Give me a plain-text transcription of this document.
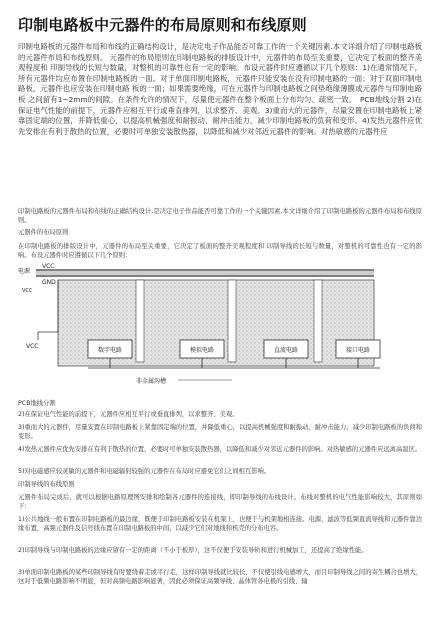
印制电路板中元器件的布局原则和布线原则
印制电路板的元器件布局和布线的正确结构设计，是决定电子作品能否可靠工作的一个关键因素.本文详细介绍了印制电路板的元器件布局和布线原则。 元器件的布局原则在印制电路板的排版设计中，元器件的布局至关重要，它决定了板面的整齐美观程度和 印制导线的长短与数量，对整机的可靠性也有一定的影响。布设元器件时应遵循以下几个原则：1)在通常情况下，所有元器件均应布置在印制电路板的一面。对于单面印制电路板，元器件只能安装在没有印制电路的一面；对于双面印制电路板，元器件也应安装在印制电路 板的一面；如果需要绝缘，可在元器件与印制电路板之间垫绝缘薄膜或元器件与印制电路板 之间留有1~2mm的间隙。在条件允许的情况下，尽量使元器件在整个板面上分布均匀、疏密一致。　PCB地线分割 2)在保证电气性能的前提下，元器件应相互平行或垂直排列，以求整齐、美观。3)重而大的元器件，尽量安置在印制电路板上紧靠固定端的位置，并降低重心，以提高机械强度和耐振动、耐冲击能力，减少印制电路板的负荷和变形。4)发热元器件应优先安排在有利于散热的位置，必要时可单独安装散热器，以降低和减少对邻近元器件的影响。对热敏感的元器件应
印制电路板的元器件布局和布线的正确结构设计,是决定电子作品能否可靠工作的一个关键因素.本文详细介绍了印制电路板的元器件布局和布线原则。
元器件的布局原则
在印制电路板的排版设计中，元器件的布局至关重要，它决定了板面的整齐美观程度和 印制导线的长短与数量，对整机的可靠性也有一定的影响。布设元器件时应遵循以下几个原则：
VCC
电源
GND
VCC
VCC
数字电路	模拟电路	直流电路	接口电路
非金属沟槽
PCB地线分割
2)在保证电气性能的前提下，元器件应相互平行或垂直排列，以求整齐、美观。
3)重而大的元器件，尽量安置在印制电路板上紧靠固定端的位置，并降低重心，以提高机械强度和耐振动、耐冲击能力，减少印制电路板的负荷和变形。
4)发热元器件应优先安排在有利于散热的位置，必要时可单独安装散热器，以降低和减少对邻近元器件的影响。对热敏感的元器件应远离高温区。
5)对电磁感应较灵敏的元器件和电磁辐射较强的元器件在布局时应避免它们之间相互影响。
印制导线的布线原则
元器件布局完成后，就可以根据电路原理图安排和绘制各元器件的连接线，即印制导线的布线设计。布线对整机的电气性能影响较大，其原则如下：
1)公共地线一般布置在印制电路板的最边缘，既便于印制电路板安装在机架上，也便于与机架地相连接。电源、滤波等低频直流导线和元器件靠边缘布置，高频元器件及信号线布置在印制电路板的中间，以减少它们对地线和机壳的分布电容。
2)印制导线与印制电路板的边缘应留有一定的距离（不小于板厚），这不仅便于安装导轨和进行机械加工，还提高了绝缘性能。
3)单面印制电路板的某些印制导线有时要绕着走或平行走，这样印制导线就比较长，不仅使引线电感增大，而且印制导线之间的寄生耦合也增大，这对于低频电路影响不明显，但对高频电路影响显著，因此必须保证高频导线、晶体管各电极的引线、输
